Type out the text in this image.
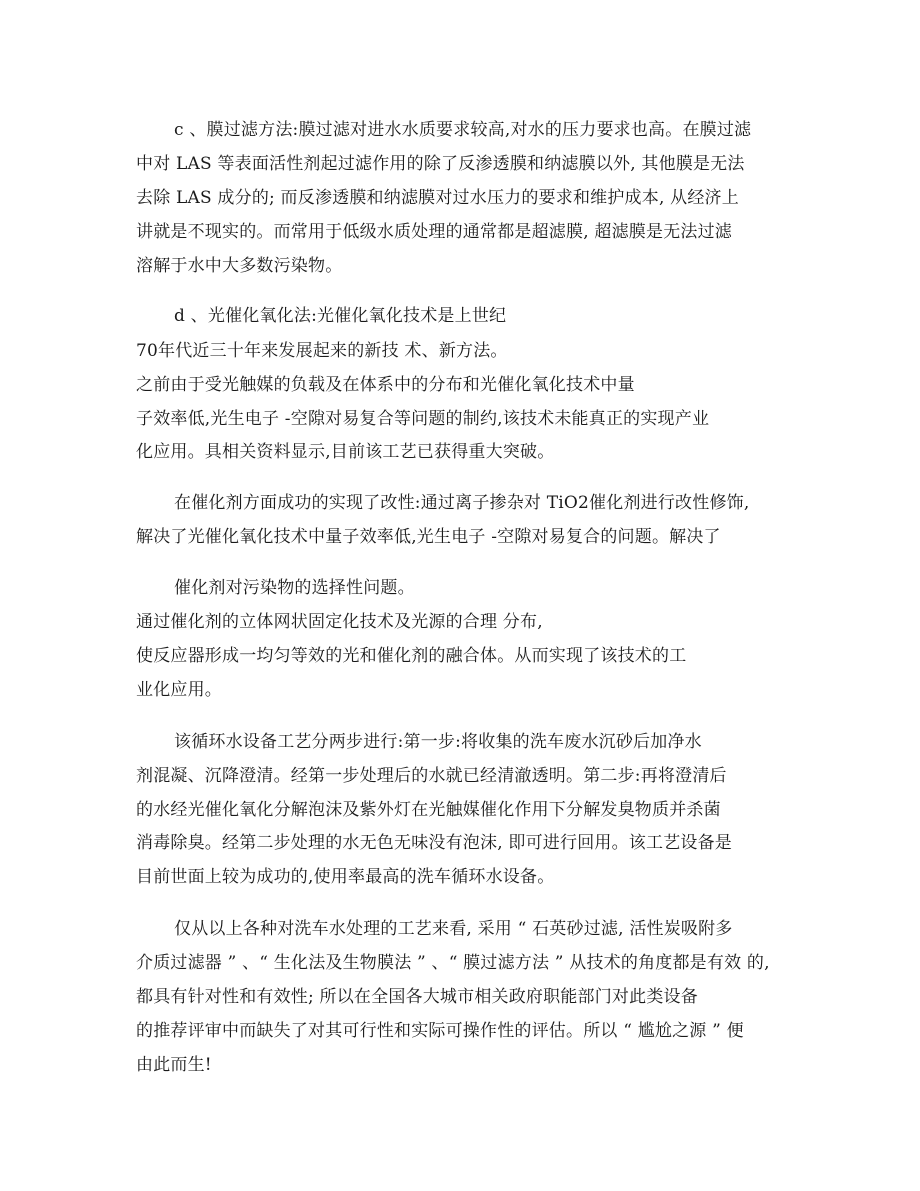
c 、膜过滤方法:膜过滤对进水水质要求较高,对水的压力要求也高。在膜过滤
中对 LAS 等表面活性剂起过滤作用的除了反渗透膜和纳滤膜以外, 其他膜是无法
去除 LAS 成分的; 而反渗透膜和纳滤膜对过水压力的要求和维护成本, 从经济上
讲就是不现实的。而常用于低级水质处理的通常都是超滤膜, 超滤膜是无法过滤
溶解于水中大多数污染物。
d 、光催化氧化法:光催化氧化技术是上世纪
70年代近三十年来发展起来的新技 术、新方法。
之前由于受光触媒的负载及在体系中的分布和光催化氧化技术中量
子效率低,光生电子 -空隙对易复合等问题的制约,该技术未能真正的实现产业
化应用。具相关资料显示,目前该工艺已获得重大突破。
在催化剂方面成功的实现了改性:通过离子掺杂对 TiO2催化剂进行改性修饰,
解决了光催化氧化技术中量子效率低,光生电子 -空隙对易复合的问题。解决了
催化剂对污染物的选择性问题。
通过催化剂的立体网状固定化技术及光源的合理 分布,
使反应器形成一均匀等效的光和催化剂的融合体。从而实现了该技术的工
业化应用。
该循环水设备工艺分两步进行:第一步:将收集的洗车废水沉砂后加净水
剂混凝、沉降澄清。经第一步处理后的水就已经清澈透明。第二步:再将澄清后
的水经光催化氧化分解泡沫及紫外灯在光触媒催化作用下分解发臭物质并杀菌
消毒除臭。经第二步处理的水无色无味没有泡沫, 即可进行回用。该工艺设备是
目前世面上较为成功的,使用率最高的洗车循环水设备。
仅从以上各种对洗车水处理的工艺来看, 采用 “ 石英砂过滤, 活性炭吸附多
介质过滤器 ” 、“ 生化法及生物膜法 ” 、“ 膜过滤方法 ” 从技术的角度都是有效 的,
都具有针对性和有效性; 所以在全国各大城市相关政府职能部门对此类设备
的推荐评审中而缺失了对其可行性和实际可操作性的评估。所以 “ 尴尬之源 ” 便
由此而生!
